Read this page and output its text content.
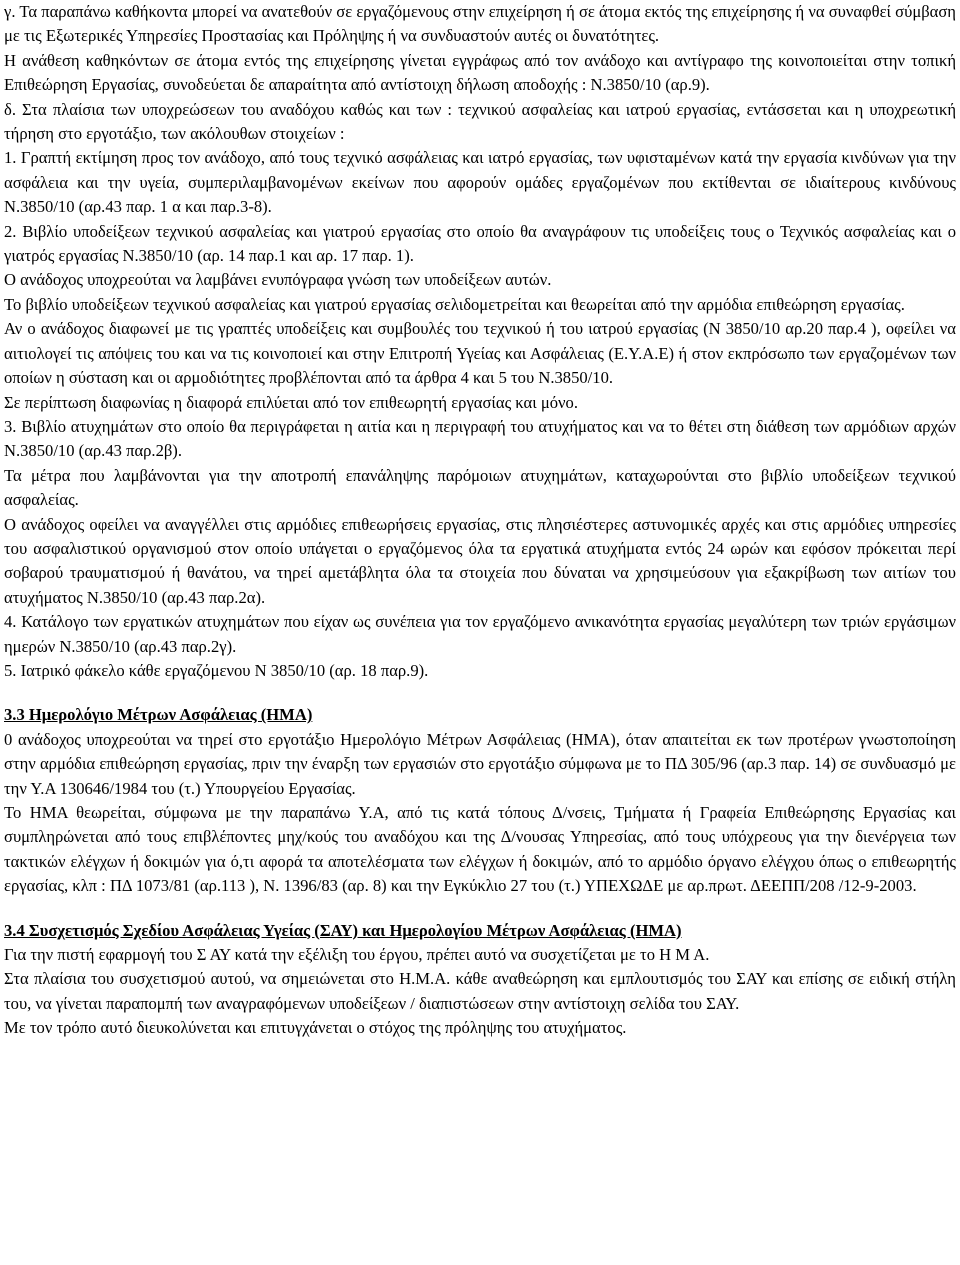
γ. Τα παραπάνω καθήκοντα μπορεί να ανατεθούν σε εργαζόμενους στην επιχείρηση ή σε άτομα εκτός της επιχείρησης ή να συναφθεί σύμβαση με τις Εξωτερικές Υπηρεσίες Προστασίας και Πρόληψης ή να συνδυαστούν αυτές οι δυνατότητες.

Η ανάθεση καθηκόντων σε άτομα εντός της επιχείρησης γίνεται εγγράφως από τον ανάδοχο και αντίγραφο της κοινοποιείται στην τοπική Επιθεώρηση Εργασίας, συνοδεύεται δε απαραίτητα από αντίστοιχη δήλωση αποδοχής : Ν.3850/10 (αρ.9).

δ. Στα πλαίσια των υποχρεώσεων του αναδόχου καθώς και των : τεχνικού ασφαλείας και ιατρού εργασίας, εντάσσεται και η υποχρεωτική τήρηση στο εργοτάξιο, των ακόλουθων στοιχείων :

1. Γραπτή εκτίμηση προς τον ανάδοχο, από τους τεχνικό ασφάλειας και ιατρό εργασίας, των υφισταμένων κατά την εργασία κινδύνων για την ασφάλεια και την υγεία, συμπεριλαμβανομένων εκείνων που αφορούν ομάδες εργαζομένων που εκτίθενται σε ιδιαίτερους κινδύνους Ν.3850/10 (αρ.43 παρ. 1 α και παρ.3-8).

2. Βιβλίο υποδείξεων τεχνικού ασφαλείας και γιατρού εργασίας στο οποίο θα αναγράφουν τις υποδείξεις τους ο Τεχνικός ασφαλείας και ο γιατρός εργασίας Ν.3850/10 (αρ. 14 παρ.1 και αρ. 17 παρ. 1).

Ο ανάδοχος υποχρεούται να λαμβάνει ενυπόγραφα γνώση των υποδείξεων αυτών.

Το βιβλίο υποδείξεων τεχνικού ασφαλείας και γιατρού εργασίας σελιδομετρείται και θεωρείται από την αρμόδια επιθεώρηση εργασίας.

Αν ο ανάδοχος διαφωνεί με τις γραπτές υποδείξεις και συμβουλές του τεχνικού ή του ιατρού εργασίας (Ν 3850/10 αρ.20 παρ.4 ), οφείλει να αιτιολογεί τις απόψεις του και να τις κοινοποιεί και στην Επιτροπή Υγείας και Ασφάλειας (Ε.Υ.Α.Ε) ή στον εκπρόσωπο των εργαζομένων των οποίων η σύσταση και οι αρμοδιότητες προβλέπονται από τα άρθρα 4 και 5 του Ν.3850/10.

Σε περίπτωση διαφωνίας η διαφορά επιλύεται από τον επιθεωρητή εργασίας και μόνο.

3. Βιβλίο ατυχημάτων στο οποίο θα περιγράφεται η αιτία και η περιγραφή του ατυχήματος και να το θέτει στη διάθεση των αρμόδιων αρχών Ν.3850/10 (αρ.43 παρ.2β).

Τα μέτρα που λαμβάνονται για την αποτροπή επανάληψης παρόμοιων ατυχημάτων, καταχωρούνται στο βιβλίο υποδείξεων τεχνικού ασφαλείας.

Ο ανάδοχος οφείλει να αναγγέλλει στις αρμόδιες επιθεωρήσεις εργασίας, στις πλησιέστερες αστυνομικές αρχές και στις αρμόδιες υπηρεσίες του ασφαλιστικού οργανισμού στον οποίο υπάγεται ο εργαζόμενος όλα τα εργατικά ατυχήματα εντός 24 ωρών και εφόσον πρόκειται περί σοβαρού τραυματισμού ή θανάτου, να τηρεί αμετάβλητα όλα τα στοιχεία που δύναται να χρησιμεύσουν για εξακρίβωση των αιτίων του ατυχήματος Ν.3850/10 (αρ.43 παρ.2α).

4. Κατάλογο των εργατικών ατυχημάτων που είχαν ως συνέπεια για τον εργαζόμενο ανικανότητα εργασίας μεγαλύτερη των τριών εργάσιμων ημερών Ν.3850/10 (αρ.43 παρ.2γ).

5. Ιατρικό φάκελο κάθε εργαζόμενου Ν 3850/10 (αρ. 18 παρ.9).

3.3 Ημερολόγιο Μέτρων Ασφάλειας (ΗΜΑ)

0 ανάδοχος υποχρεούται να τηρεί στο εργοτάξιο Ημερολόγιο Μέτρων Ασφάλειας (ΗΜΑ), όταν απαιτείται εκ των προτέρων γνωστοποίηση στην αρμόδια επιθεώρηση εργασίας, πριν την έναρξη των εργασιών στο εργοτάξιο σύμφωνα με το ΠΔ 305/96 (αρ.3 παρ. 14) σε συνδυασμό με την Υ.Α 130646/1984 του (τ.) Υπουργείου Εργασίας.

Το ΗΜΑ θεωρείται, σύμφωνα με την παραπάνω Υ.Α, από τις κατά τόπους Δ/νσεις, Τμήματα ή Γραφεία Επιθεώρησης Εργασίας και συμπληρώνεται από τους επιβλέποντες μηχ/κούς του αναδόχου και της Δ/νουσας Υπηρεσίας, από τους υπόχρεους για την διενέργεια των τακτικών ελέγχων ή δοκιμών για ό,τι αφορά τα αποτελέσματα των ελέγχων ή δοκιμών, από το αρμόδιο όργανο ελέγχου όπως ο επιθεωρητής εργασίας, κλπ : ΠΔ 1073/81 (αρ.113 ), Ν. 1396/83 (αρ. 8) και την Εγκύκλιο 27 του (τ.) ΥΠΕΧΩΔΕ με αρ.πρωτ. ΔΕΕΠΠ/208 /12-9-2003.

3.4 Συσχετισμός Σχεδίου Ασφάλειας Υγείας (ΣΑΥ) και Ημερολογίου Μέτρων Ασφάλειας (ΗΜΑ)

Για την πιστή εφαρμογή του Σ ΑΥ κατά την εξέλιξη του έργου, πρέπει αυτό να συσχετίζεται με το Η Μ Α.

Στα πλαίσια του συσχετισμού αυτού, να σημειώνεται στο Η.Μ.Α. κάθε αναθεώρηση και εμπλουτισμός του ΣΑΥ και επίσης σε ειδική στήλη του, να γίνεται παραπομπή των αναγραφόμενων υποδείξεων / διαπιστώσεων στην αντίστοιχη σελίδα του ΣΑΥ.

Με τον τρόπο αυτό διευκολύνεται και επιτυγχάνεται ο στόχος της πρόληψης του ατυχήματος.
